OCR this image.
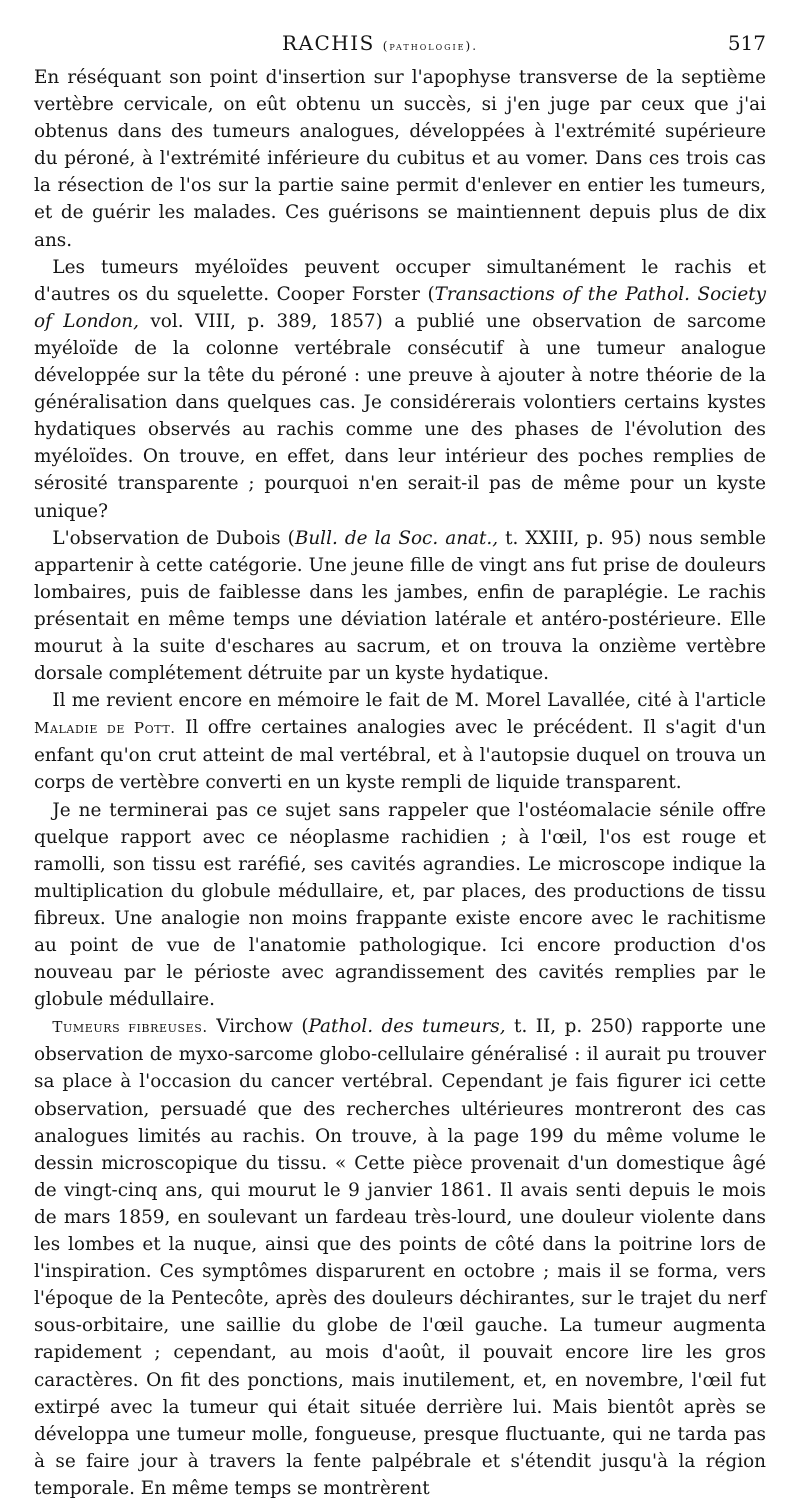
RACHIS (pathologie).	517

En réséquant son point d'insertion sur l'apophyse transverse de la septième vertèbre cervicale, on eût obtenu un succès, si j'en juge par ceux que j'ai obtenus dans des tumeurs analogues, développées à l'extrémité supérieure du péroné, à l'extrémité inférieure du cubitus et au vomer. Dans ces trois cas la résection de l'os sur la partie saine permit d'enlever en entier les tumeurs, et de guérir les malades. Ces guérisons se maintiennent depuis plus de dix ans.

Les tumeurs myéloïdes peuvent occuper simultanément le rachis et d'autres os du squelette. Cooper Forster (Transactions of the Pathol. Society of London, vol. VIII, p. 389, 1857) a publié une observation de sarcome myéloïde de la colonne vertébrale consécutif à une tumeur analogue développée sur la tête du péroné : une preuve à ajouter à notre théorie de la généralisation dans quelques cas. Je considérerais volontiers certains kystes hydatiques observés au rachis comme une des phases de l'évolution des myéloïdes. On trouve, en effet, dans leur intérieur des poches remplies de sérosité transparente ; pourquoi n'en serait-il pas de même pour un kyste unique?

L'observation de Dubois (Bull. de la Soc. anat., t. XXIII, p. 95) nous semble appartenir à cette catégorie. Une jeune fille de vingt ans fut prise de douleurs lombaires, puis de faiblesse dans les jambes, enfin de paraplégie. Le rachis présentait en même temps une déviation latérale et antéro-postérieure. Elle mourut à la suite d'eschares au sacrum, et on trouva la onzième vertèbre dorsale complétement détruite par un kyste hydatique.

Il me revient encore en mémoire le fait de M. Morel Lavallée, cité à l'article Maladie de Pott. Il offre certaines analogies avec le précédent. Il s'agit d'un enfant qu'on crut atteint de mal vertébral, et à l'autopsie duquel on trouva un corps de vertèbre converti en un kyste rempli de liquide transparent.

Je ne terminerai pas ce sujet sans rappeler que l'ostéomalacie sénile offre quelque rapport avec ce néoplasme rachidien ; à l'œil, l'os est rouge et ramolli, son tissu est raréfié, ses cavités agrandies. Le microscope indique la multiplication du globule médullaire, et, par places, des productions de tissu fibreux. Une analogie non moins frappante existe encore avec le rachitisme au point de vue de l'anatomie pathologique. Ici encore production d'os nouveau par le périoste avec agrandissement des cavités remplies par le globule médullaire.

Tumeurs fibreuses. Virchow (Pathol. des tumeurs, t. II, p. 250) rapporte une observation de myxo-sarcome globo-cellulaire généralisé : il aurait pu trouver sa place à l'occasion du cancer vertébral. Cependant je fais figurer ici cette observation, persuadé que des recherches ultérieures montreront des cas analogues limités au rachis. On trouve, à la page 199 du même volume le dessin microscopique du tissu. « Cette pièce provenait d'un domestique âgé de vingt-cinq ans, qui mourut le 9 janvier 1861. Il avais senti depuis le mois de mars 1859, en soulevant un fardeau très-lourd, une douleur violente dans les lombes et la nuque, ainsi que des points de côté dans la poitrine lors de l'inspiration. Ces symptômes disparurent en octobre ; mais il se forma, vers l'époque de la Pentecôte, après des douleurs déchirantes, sur le trajet du nerf sous-orbitaire, une saillie du globe de l'œil gauche. La tumeur augmenta rapidement ; cependant, au mois d'août, il pouvait encore lire les gros caractères. On fit des ponctions, mais inutilement, et, en novembre, l'œil fut extirpé avec la tumeur qui était située derrière lui. Mais bientôt après se développa une tumeur molle, fongueuse, presque fluctuante, qui ne tarda pas à se faire jour à travers la fente palpébrale et s'étendit jusqu'à la région temporale. En même temps se montrèrent
